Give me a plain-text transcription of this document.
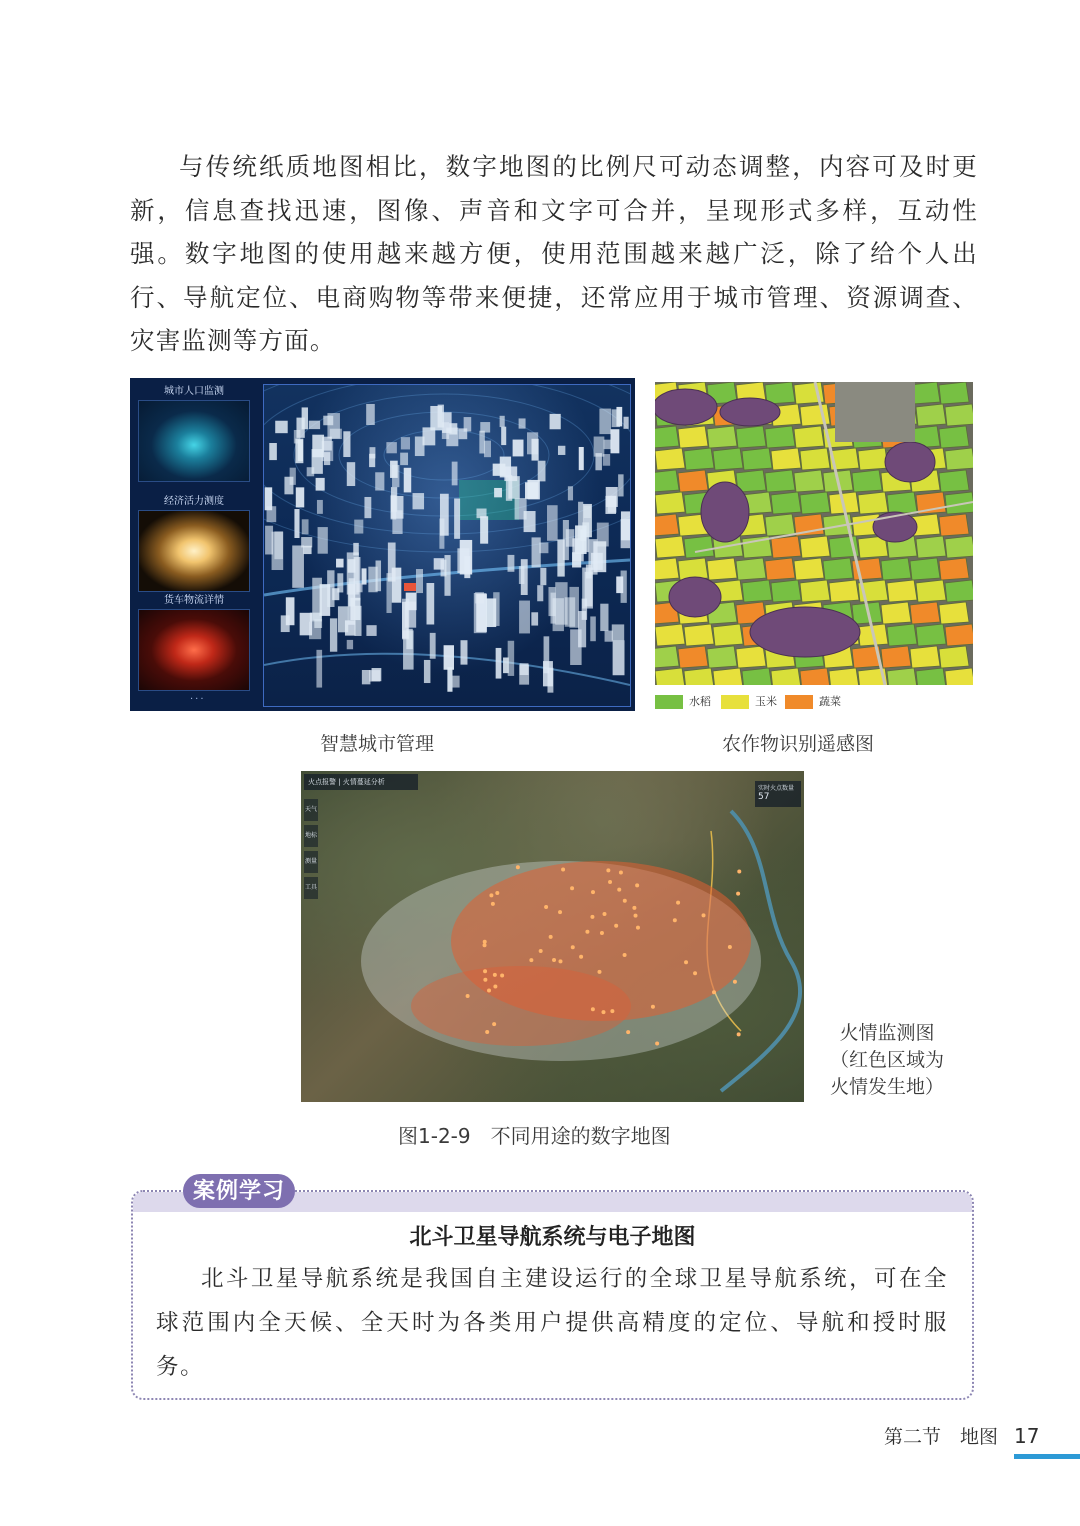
与传统纸质地图相比，数字地图的比例尺可动态调整，内容可及时更新，信息查找迅速，图像、声音和文字可合并，呈现形式多样，互动性强。数字地图的使用越来越方便，使用范围越来越广泛，除了给个人出行、导航定位、电商购物等带来便捷，还常应用于城市管理、资源调查、灾害监测等方面。

城市人口监测
经济活力测度
货车物流详情
···	水稻	玉米	蔬菜
智慧城市管理	农作物识别遥感图
火点报警 | 火情蔓延分析
天气
地标
测量
工具
实时火点数量
57
火情监测图
（红色区域为
火情发生地）
图1-2-9　不同用途的数字地图
案例学习
北斗卫星导航系统与电子地图

北斗卫星导航系统是我国自主建设运行的全球卫星导航系统，可在全球范围内全天候、全天时为各类用户提供高精度的定位、导航和授时服务。

第二节　地图 17
